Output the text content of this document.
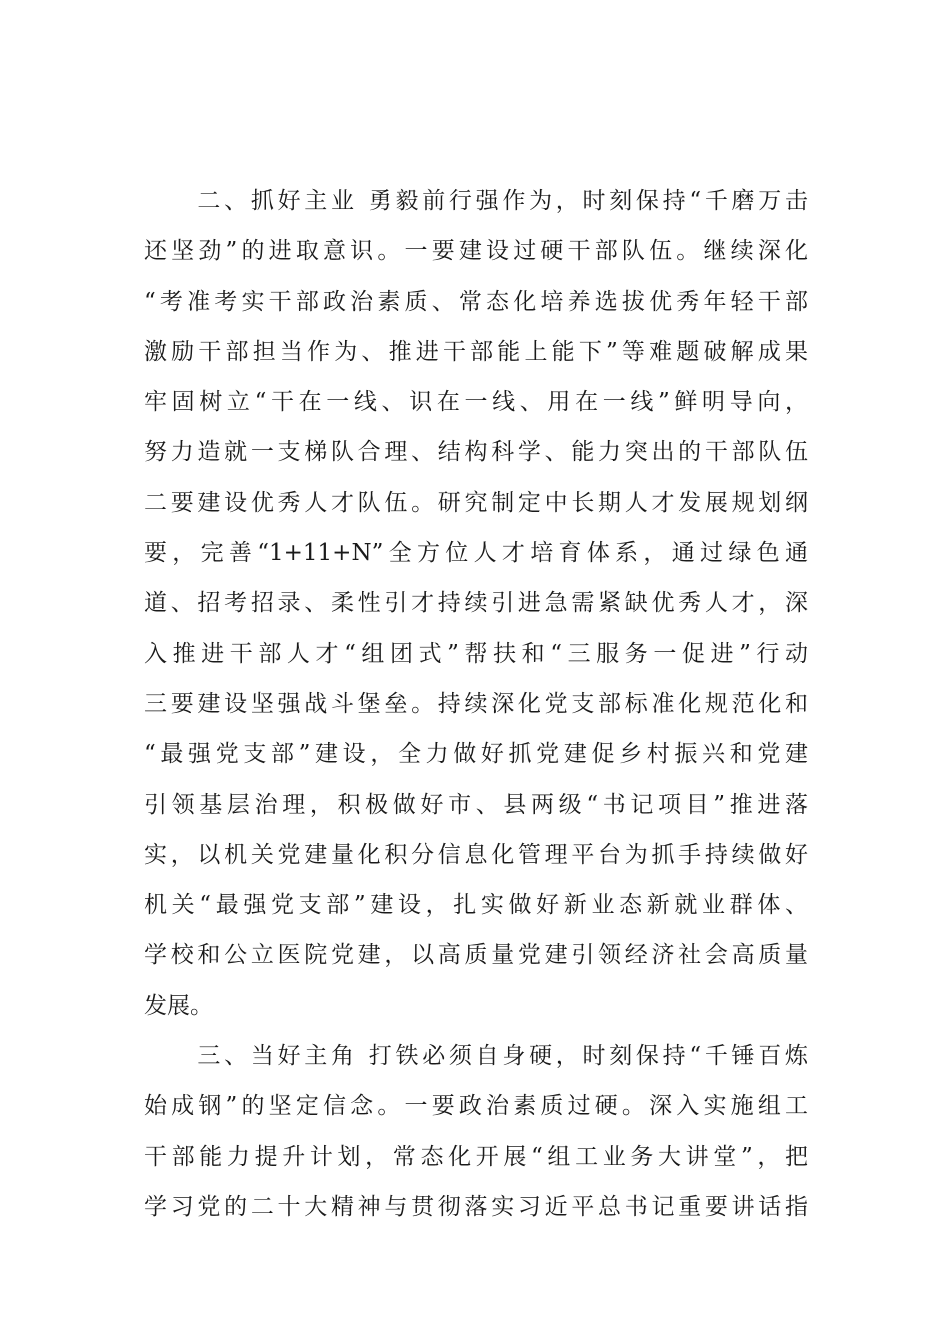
　　二、抓好主业 勇毅前行强作为，时刻保持“千磨万击
还坚劲”的进取意识。一要建设过硬干部队伍。继续深化
“考准考实干部政治素质、常态化培养选拔优秀年轻干部
激励干部担当作为、推进干部能上能下”等难题破解成果
牢固树立“干在一线、识在一线、用在一线”鲜明导向，
努力造就一支梯队合理、结构科学、能力突出的干部队伍
二要建设优秀人才队伍。研究制定中长期人才发展规划纲
要，完善“1+11+N”全方位人才培育体系，通过绿色通
道、招考招录、柔性引才持续引进急需紧缺优秀人才，深
入推进干部人才“组团式”帮扶和“三服务一促进”行动
三要建设坚强战斗堡垒。持续深化党支部标准化规范化和
“最强党支部”建设，全力做好抓党建促乡村振兴和党建
引领基层治理，积极做好市、县两级“书记项目”推进落
实，以机关党建量化积分信息化管理平台为抓手持续做好
机关“最强党支部”建设，扎实做好新业态新就业群体、
学校和公立医院党建，以高质量党建引领经济社会高质量
发展。
　　三、当好主角 打铁必须自身硬，时刻保持“千锤百炼
始成钢”的坚定信念。一要政治素质过硬。深入实施组工
干部能力提升计划，常态化开展“组工业务大讲堂”，把
学习党的二十大精神与贯彻落实习近平总书记重要讲话指
